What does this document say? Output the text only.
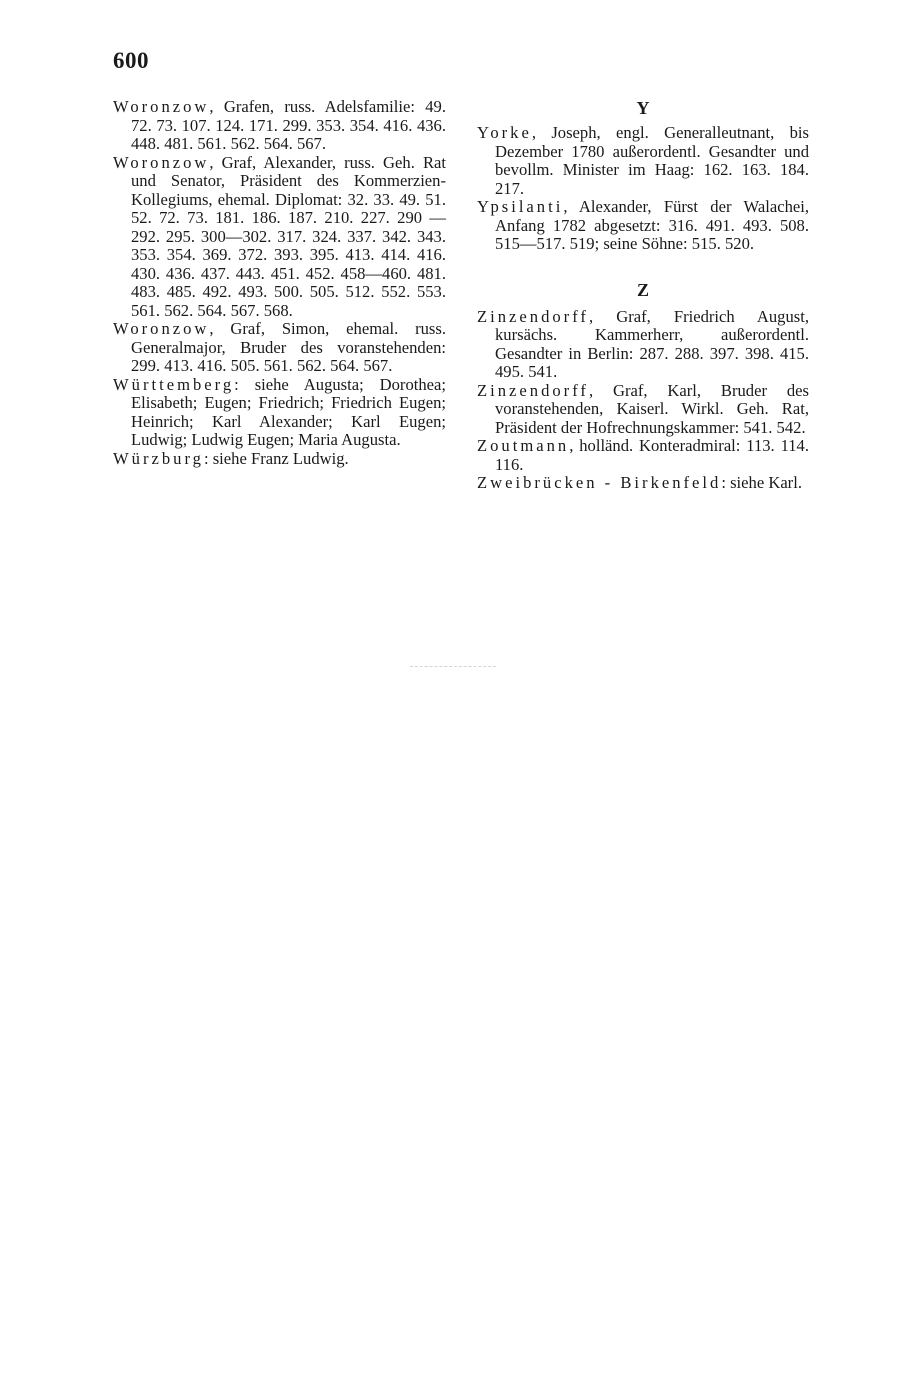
600

Woronzow, Grafen, russ. Adelsfamilie: 49. 72. 73. 107. 124. 171. 299. 353. 354. 416. 436. 448. 481. 561. 562. 564. 567.

Woronzow, Graf, Alexander, russ. Geh. Rat und Senator, Präsident des Kommerzien-Kollegiums, ehemal. Diplomat: 32. 33. 49. 51. 52. 72. 73. 181. 186. 187. 210. 227. 290 —292. 295. 300—302. 317. 324. 337. 342. 343. 353. 354. 369. 372. 393. 395. 413. 414. 416. 430. 436. 437. 443. 451. 452. 458—460. 481. 483. 485. 492. 493. 500. 505. 512. 552. 553. 561. 562. 564. 567. 568.

Woronzow, Graf, Simon, ehemal. russ. Generalmajor, Bruder des voranstehenden: 299. 413. 416. 505. 561. 562. 564. 567.

Württemberg: siehe Augusta; Dorothea; Elisabeth; Eugen; Friedrich; Friedrich Eugen; Heinrich; Karl Alexander; Karl Eugen; Ludwig; Ludwig Eugen; Maria Augusta.

Würzburg: siehe Franz Ludwig.

Y

Yorke, Joseph, engl. Generalleutnant, bis Dezember 1780 außerordentl. Gesandter und bevollm. Minister im Haag: 162. 163. 184. 217.

Ypsilanti, Alexander, Fürst der Walachei, Anfang 1782 abgesetzt: 316. 491. 493. 508. 515—517. 519; seine Söhne: 515. 520.

Z

Zinzendorff, Graf, Friedrich August, kursächs. Kammerherr, außerordentl. Gesandter in Berlin: 287. 288. 397. 398. 415. 495. 541.

Zinzendorff, Graf, Karl, Bruder des voranstehenden, Kaiserl. Wirkl. Geh. Rat, Präsident der Hofrechnungskammer: 541. 542.

Zoutmann, holländ. Konteradmiral: 113. 114. 116.

Zweibrücken - Birkenfeld: siehe Karl.
